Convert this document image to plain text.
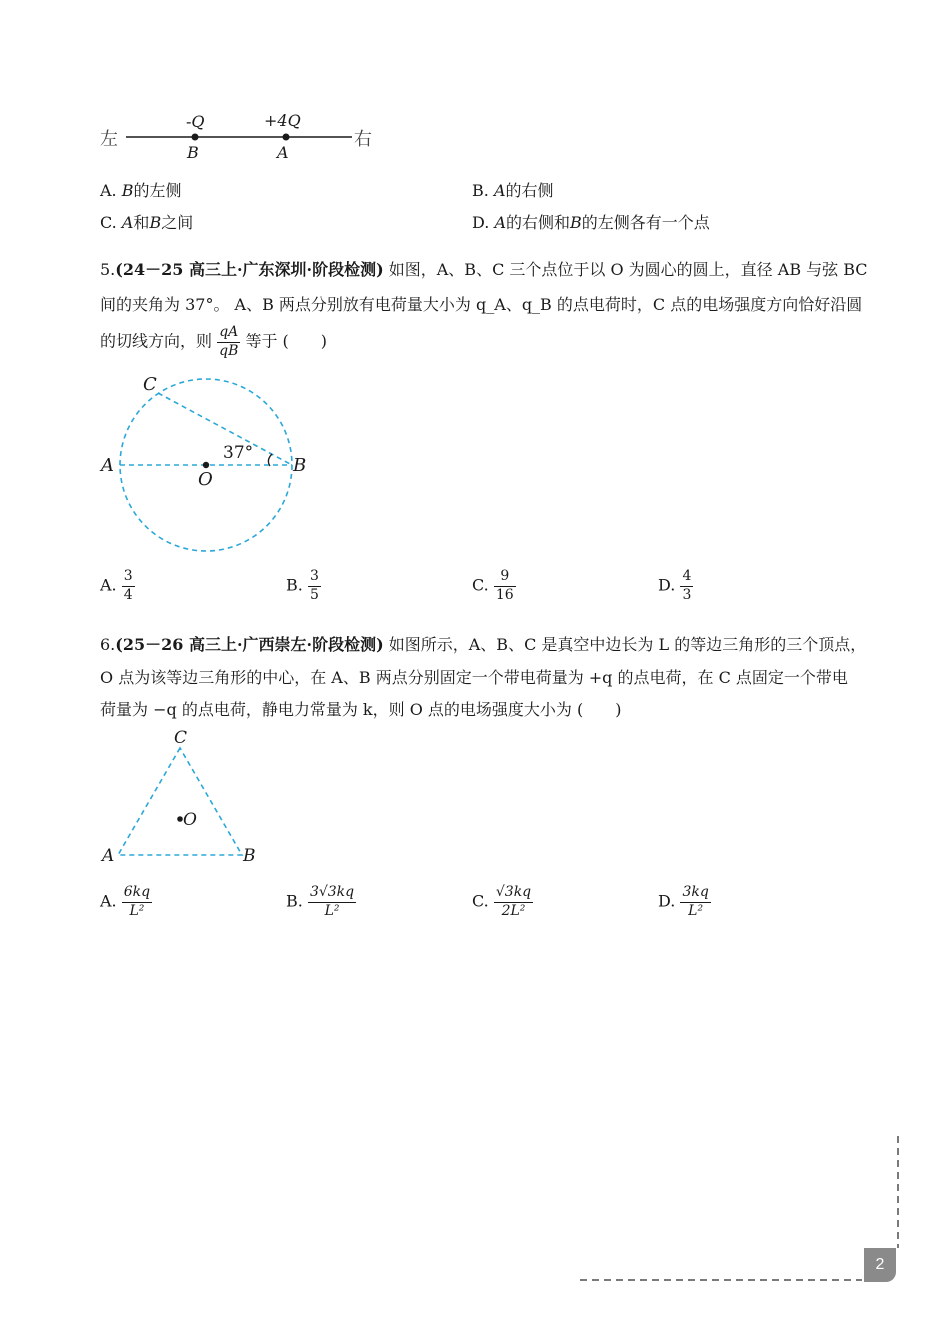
左	右
-Q	+4Q
B	A
A. B的左侧	B. A的右侧
C. A和B之间	D. A的右侧和B的左侧各有一个点
5.(24－25 高三上·广东深圳·阶段检测) 如图，A、B、C 三个点位于以 O 为圆心的圆上，直径 AB 与弦 BC
间的夹角为 37°。 A、B 两点分别放有电荷量大小为 q_A、q_B 的点电荷时，C 点的电场强度方向恰好沿圆
的切线方向，则 $\frac{qA}{qB}$ 等于 (　　)
C
A	B
O
37°
A. $\frac{3}{4}$	B. $\frac{3}{5}$	C. $\frac{9}{16}$	D. $\frac{4}{3}$
6.(25－26 高三上·广西崇左·阶段检测) 如图所示，A、B、C 是真空中边长为 L 的等边三角形的三个顶点，
O 点为该等边三角形的中心，在 A、B 两点分别固定一个带电荷量为 +q 的点电荷，在 C 点固定一个带电
荷量为 −q 的点电荷，静电力常量为 k，则 O 点的电场强度大小为 (　　)
C
A	B
O
A. $\frac{6kq}{\text{L²}}$	B. $\frac{3√3kq}{\text{L²}}$	C. $\frac{√3kq}{\text{2L²}}$	D. $\frac{3kq}{\text{L²}}$
2
